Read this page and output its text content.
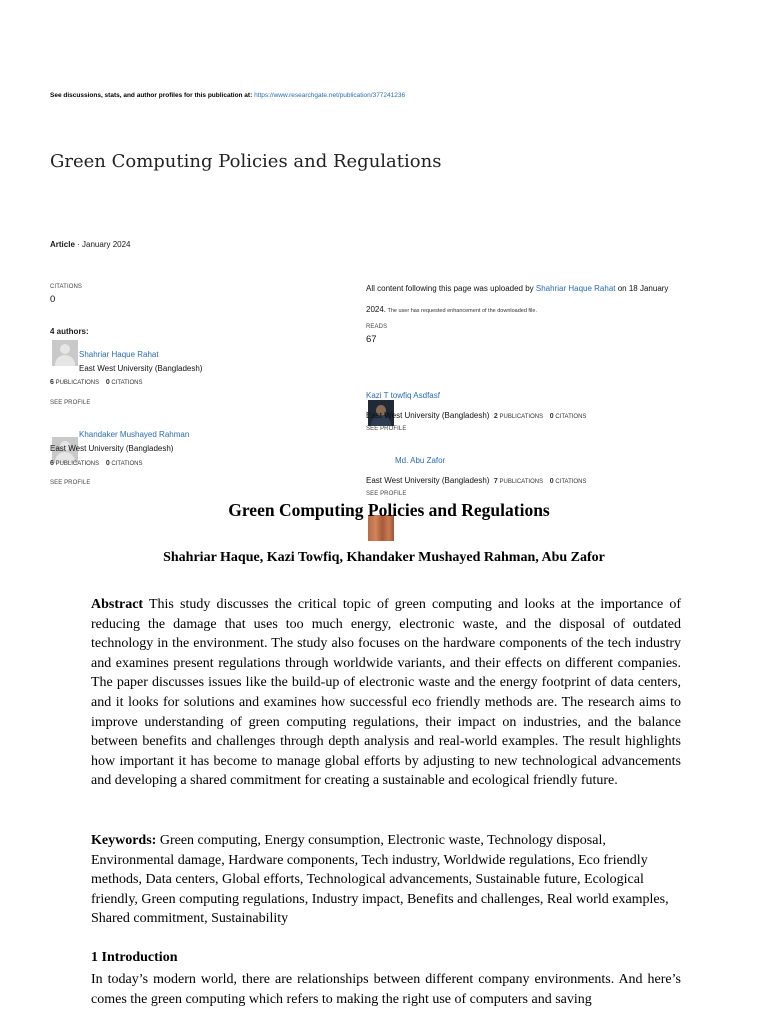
See discussions, stats, and author profiles for this publication at: https://www.researchgate.net/publication/377241236
Green Computing Policies and Regulations
Article · January 2024
CITATIONS
0
4 authors:
Shahriar Haque Rahat
East West University (Bangladesh)
6 PUBLICATIONS 0 CITATIONS
SEE PROFILE
Khandaker Mushayed Rahman
East West University (Bangladesh)
6 PUBLICATIONS 0 CITATIONS
SEE PROFILE
All content following this page was uploaded by Shahriar Haque Rahat on 18 January
2024. The user has requested enhancement of the downloaded file.
READS
67
Kazi T towfiq Asdfasf
East West University (Bangladesh) 2 PUBLICATIONS 0 CITATIONS
SEE PROFILE
Md. Abu Zafor
East West University (Bangladesh) 7 PUBLICATIONS 0 CITATIONS
SEE PROFILE
Green Computing Policies and Regulations
Shahriar Haque, Kazi Towfiq, Khandaker Mushayed Rahman, Abu Zafor
Abstract This study discusses the critical topic of green computing and looks at the importance of reducing the damage that uses too much energy, electronic waste, and the disposal of outdated technology in the environment. The study also focuses on the hardware components of the tech industry and examines present regulations through worldwide variants, and their effects on different companies. The paper discusses issues like the build-up of electronic waste and the energy footprint of data centers, and it looks for solutions and examines how successful eco friendly methods are. The research aims to improve understanding of green computing regulations, their impact on industries, and the balance between benefits and challenges through depth analysis and real-world examples. The result highlights how important it has become to manage global efforts by adjusting to new technological advancements and developing a shared commitment for creating a sustainable and ecological friendly future.
Keywords: Green computing, Energy consumption, Electronic waste, Technology disposal, Environmental damage, Hardware components, Tech industry, Worldwide regulations, Eco friendly methods, Data centers, Global efforts, Technological advancements, Sustainable future, Ecological friendly, Green computing regulations, Industry impact, Benefits and challenges, Real world examples, Shared commitment, Sustainability
1 Introduction
In today’s modern world, there are relationships between different company environments. And here’s comes the green computing which refers to making the right use of computers and saving
